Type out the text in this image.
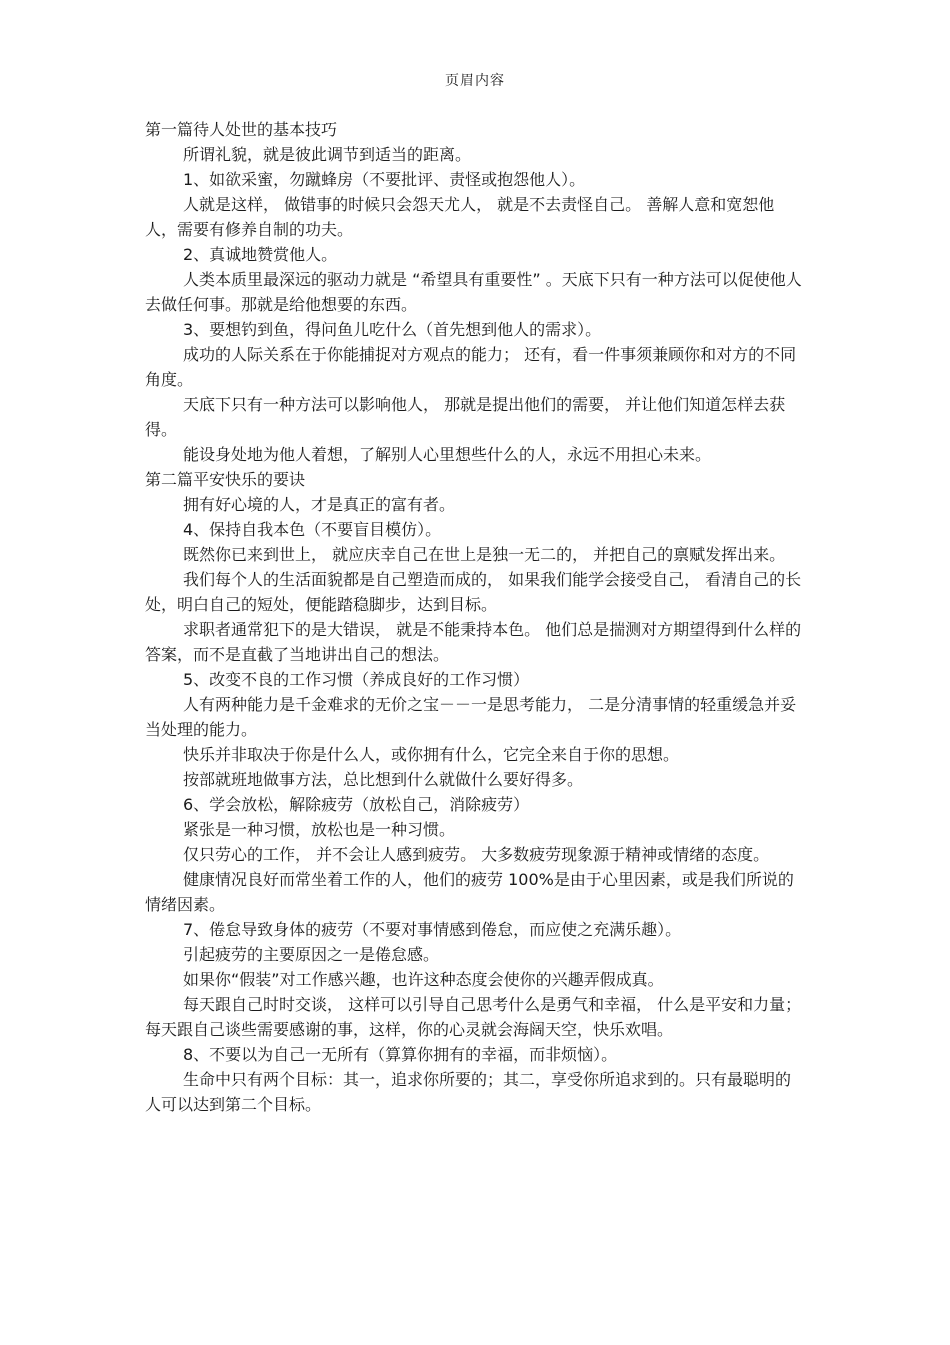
页眉内容

第一篇待人处世的基本技巧

所谓礼貌，就是彼此调节到适当的距离。

1、如欲采蜜，勿蹴蜂房（不要批评、责怪或抱怨他人）。

人就是这样， 做错事的时候只会怨天尤人， 就是不去责怪自己。 善解人意和宽恕他人，需要有修养自制的功夫。

2、真诚地赞赏他人。

人类本质里最深远的驱动力就是 “希望具有重要性” 。天底下只有一种方法可以促使他人去做任何事。那就是给他想要的东西。

3、要想钓到鱼，得问鱼儿吃什么（首先想到他人的需求）。

成功的人际关系在于你能捕捉对方观点的能力； 还有，看一件事须兼顾你和对方的不同角度。

天底下只有一种方法可以影响他人， 那就是提出他们的需要， 并让他们知道怎样去获得。

能设身处地为他人着想，了解别人心里想些什么的人，永远不用担心未来。

第二篇平安快乐的要诀

拥有好心境的人，才是真正的富有者。

4、保持自我本色（不要盲目模仿）。

既然你已来到世上， 就应庆幸自己在世上是独一无二的， 并把自己的禀赋发挥出来。

我们每个人的生活面貌都是自己塑造而成的， 如果我们能学会接受自己， 看清自己的长处，明白自己的短处，便能踏稳脚步，达到目标。

求职者通常犯下的是大错误， 就是不能秉持本色。 他们总是揣测对方期望得到什么样的答案，而不是直截了当地讲出自己的想法。

5、改变不良的工作习惯（养成良好的工作习惯）

人有两种能力是千金难求的无价之宝－－一是思考能力， 二是分清事情的轻重缓急并妥当处理的能力。

快乐并非取决于你是什么人，或你拥有什么，它完全来自于你的思想。

按部就班地做事方法，总比想到什么就做什么要好得多。

6、学会放松，解除疲劳（放松自己，消除疲劳）

紧张是一种习惯，放松也是一种习惯。

仅只劳心的工作， 并不会让人感到疲劳。 大多数疲劳现象源于精神或情绪的态度。

健康情况良好而常坐着工作的人，他们的疲劳 100%是由于心里因素，或是我们所说的情绪因素。

7、倦怠导致身体的疲劳（不要对事情感到倦怠，而应使之充满乐趣）。

引起疲劳的主要原因之一是倦怠感。

如果你“假装”对工作感兴趣，也许这种态度会使你的兴趣弄假成真。

每天跟自己时时交谈， 这样可以引导自己思考什么是勇气和幸福， 什么是平安和力量；每天跟自己谈些需要感谢的事，这样，你的心灵就会海阔天空，快乐欢唱。

8、不要以为自己一无所有（算算你拥有的幸福，而非烦恼）。

生命中只有两个目标：其一，追求你所要的；其二，享受你所追求到的。只有最聪明的人可以达到第二个目标。
